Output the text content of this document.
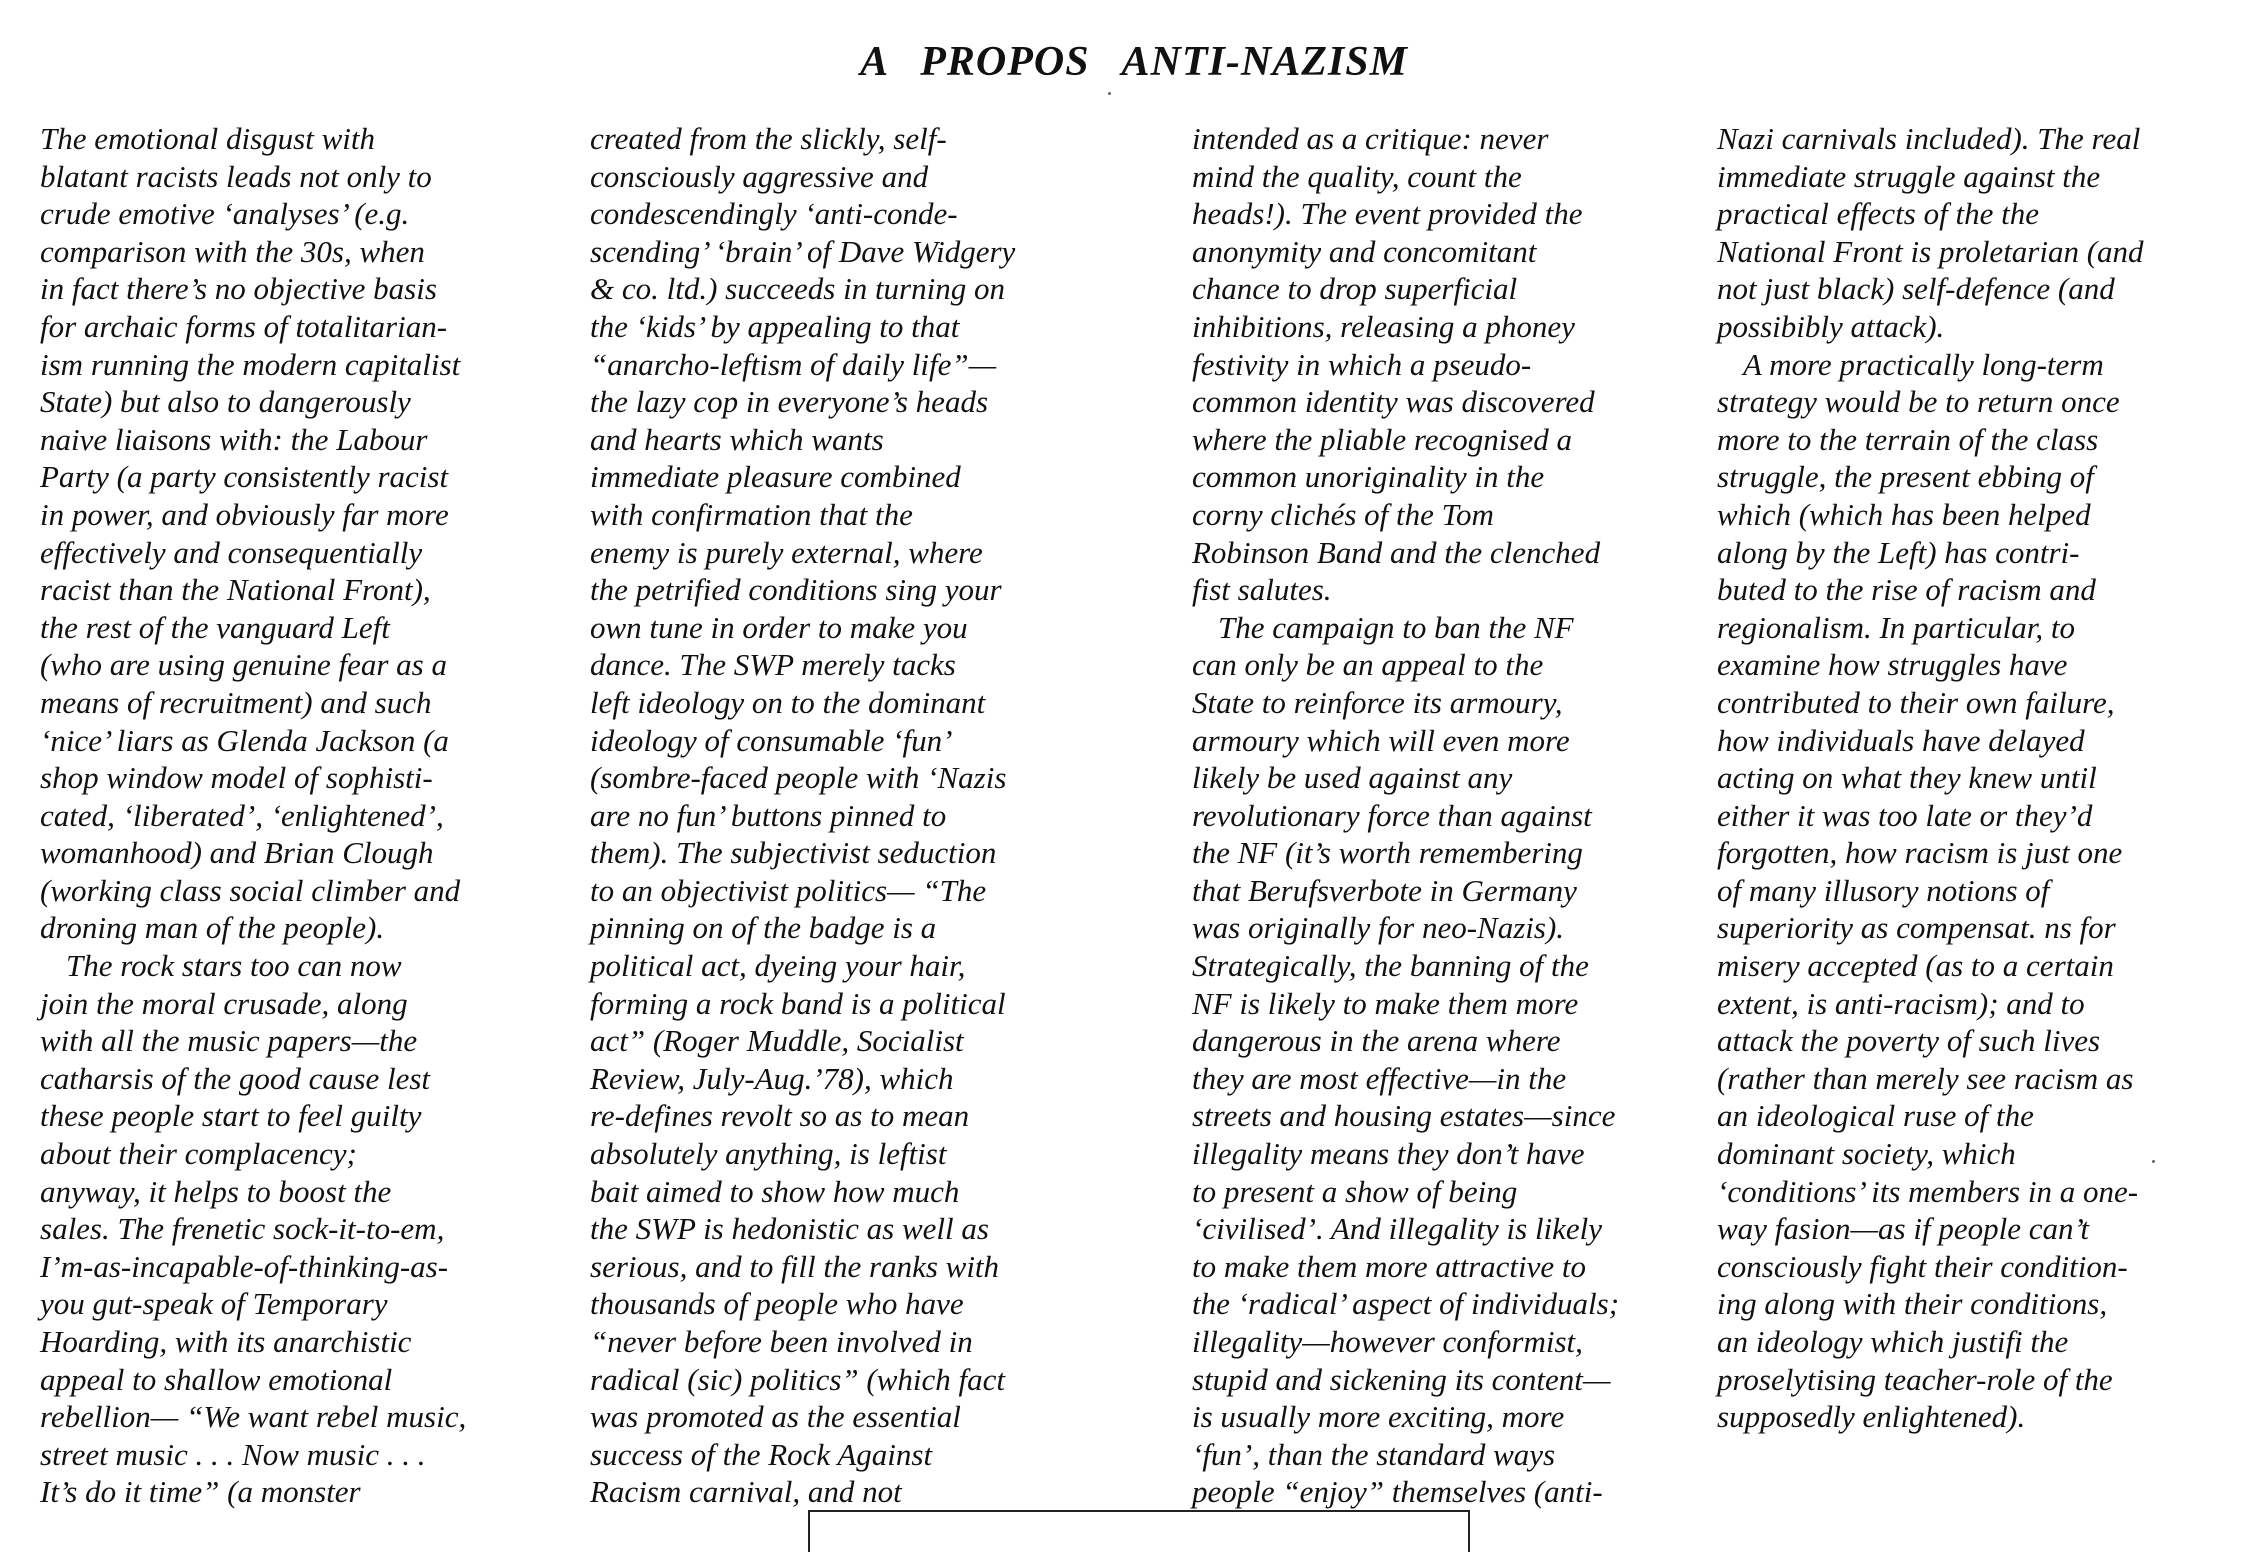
A PROPOS ANTI-NAZISM
The emotional disgust with
blatant racists leads not only to
crude emotive ‘analyses’ (e.g.
comparison with the 30s, when
in fact there’s no objective basis
for archaic forms of totalitarian-
ism running the modern capitalist
State) but also to dangerously
naive liaisons with: the Labour
Party (a party consistently racist
in power, and obviously far more
effectively and consequentially
racist than the National Front),
the rest of the vanguard Left
(who are using genuine fear as a
means of recruitment) and such
‘nice’ liars as Glenda Jackson (a
shop window model of sophisti-
cated, ‘liberated’, ‘enlightened’,
womanhood) and Brian Clough
(working class social climber and
droning man of the people).
The rock stars too can now
join the moral crusade, along
with all the music papers—the
catharsis of the good cause lest
these people start to feel guilty
about their complacency;
anyway, it helps to boost the
sales. The frenetic sock-it-to-em,
I’m-as-incapable-of-thinking-as-
you gut-speak of Temporary
Hoarding, with its anarchistic
appeal to shallow emotional
rebellion— “We want rebel music,
street music . . . Now music . . .
It’s do it time” (a monster
created from the slickly, self-
consciously aggressive and
condescendingly ‘anti-conde-
scending’ ‘brain’ of Dave Widgery
& co. ltd.) succeeds in turning on
the ‘kids’ by appealing to that
“anarcho-leftism of daily life”—
the lazy cop in everyone’s heads
and hearts which wants
immediate pleasure combined
with confirmation that the
enemy is purely external, where
the petrified conditions sing your
own tune in order to make you
dance. The SWP merely tacks
left ideology on to the dominant
ideology of consumable ‘fun’
(sombre-faced people with ‘Nazis
are no fun’ buttons pinned to
them). The subjectivist seduction
to an objectivist politics— “The
pinning on of the badge is a
political act, dyeing your hair,
forming a rock band is a political
act” (Roger Muddle, Socialist
Review, July-Aug.’78), which
re-defines revolt so as to mean
absolutely anything, is leftist
bait aimed to show how much
the SWP is hedonistic as well as
serious, and to fill the ranks with
thousands of people who have
“never before been involved in
radical (sic) politics” (which fact
was promoted as the essential
success of the Rock Against
Racism carnival, and not
intended as a critique: never
mind the quality, count the
heads!). The event provided the
anonymity and concomitant
chance to drop superficial
inhibitions, releasing a phoney
festivity in which a pseudo-
common identity was discovered
where the pliable recognised a
common unoriginality in the
corny clichés of the Tom
Robinson Band and the clenched
fist salutes.
The campaign to ban the NF
can only be an appeal to the
State to reinforce its armoury,
armoury which will even more
likely be used against any
revolutionary force than against
the NF (it’s worth remembering
that Berufsverbote in Germany
was originally for neo-Nazis).
Strategically, the banning of the
NF is likely to make them more
dangerous in the arena where
they are most effective—in the
streets and housing estates—since
illegality means they don’t have
to present a show of being
‘civilised’. And illegality is likely
to make them more attractive to
the ‘radical’ aspect of individuals;
illegality—however conformist,
stupid and sickening its content—
is usually more exciting, more
‘fun’, than the standard ways
people “enjoy” themselves (anti-
Nazi carnivals included). The real
immediate struggle against the
practical effects of the the
National Front is proletarian (and
not just black) self-defence (and
possibibly attack).
A more practically long-term
strategy would be to return once
more to the terrain of the class
struggle, the present ebbing of
which (which has been helped
along by the Left) has contri-
buted to the rise of racism and
regionalism. In particular, to
examine how struggles have
contributed to their own failure,
how individuals have delayed
acting on what they knew until
either it was too late or they’d
forgotten, how racism is just one
of many illusory notions of
superiority as compensat. ns for
misery accepted (as to a certain
extent, is anti-racism); and to
attack the poverty of such lives
(rather than merely see racism as
an ideological ruse of the
dominant society, which
‘conditions’ its members in a one-
way fasion—as if people can’t
consciously fight their condition-
ing along with their conditions,
an ideology which justifi the
proselytising teacher-role of the
supposedly enlightened).
